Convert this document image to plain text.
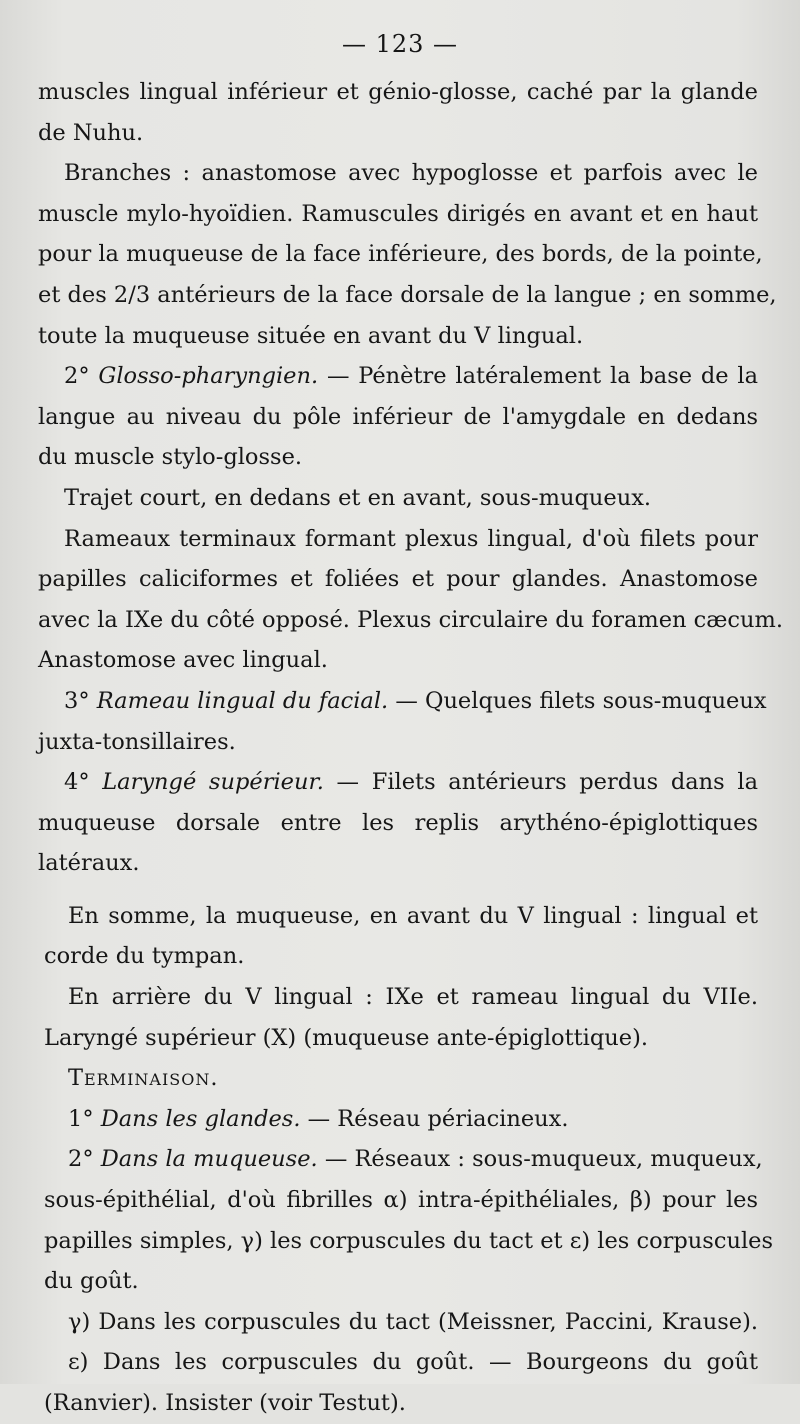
— 123 —
muscles lingual inférieur et génio-glosse, caché par la glande
de Nuhu.
Branches : anastomose avec hypoglosse et parfois avec le
muscle mylo-hyoïdien. Ramuscules dirigés en avant et en haut
pour la muqueuse de la face inférieure, des bords, de la pointe,
et des 2/3 antérieurs de la face dorsale de la langue ; en somme,
toute la muqueuse située en avant du V lingual.
2° Glosso-pharyngien. — Pénètre latéralement la base de la
langue au niveau du pôle inférieur de l'amygdale en dedans
du muscle stylo-glosse.
Trajet court, en dedans et en avant, sous-muqueux.
Rameaux terminaux formant plexus lingual, d'où filets pour
papilles caliciformes et foliées et pour glandes. Anastomose
avec la IXe du côté opposé. Plexus circulaire du foramen cæcum.
Anastomose avec lingual.
3° Rameau lingual du facial. — Quelques filets sous-muqueux
juxta-tonsillaires.
4° Laryngé supérieur. — Filets antérieurs perdus dans la
muqueuse dorsale entre les replis arythéno-épiglottiques
latéraux.
En somme, la muqueuse, en avant du V lingual : lingual et
corde du tympan.
En arrière du V lingual : IXe et rameau lingual du VIIe.
Laryngé supérieur (X) (muqueuse ante-épiglottique).
Terminaison.
1° Dans les glandes. — Réseau périacineux.
2° Dans la muqueuse. — Réseaux : sous-muqueux, muqueux,
sous-épithélial, d'où fibrilles α) intra-épithéliales, β) pour les
papilles simples, γ) les corpuscules du tact et ε) les corpuscules
du goût.
γ) Dans les corpuscules du tact (Meissner, Paccini, Krause).
ε) Dans les corpuscules du goût. — Bourgeons du goût
(Ranvier). Insister (voir Testut).
